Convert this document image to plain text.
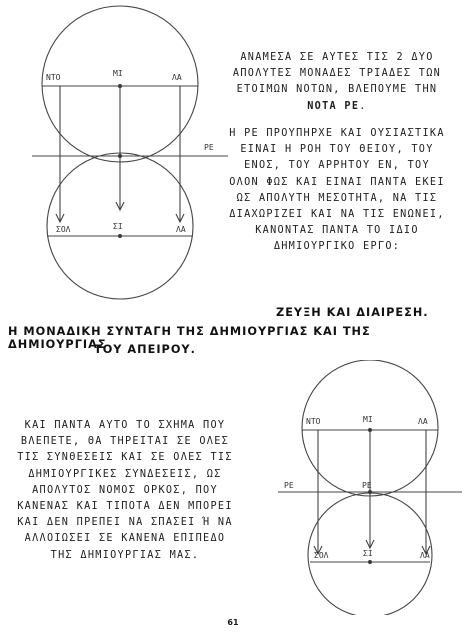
ΝΤΟ	ΜΙ	ΛΑ
ΡΕ
ΣΟΛ	ΣΙ	ΛΑ
ΑΝΑΜΕΣΑ ΣΕ ΑΥΤΕΣ ΤΙΣ 2 ΔΥΟ ΑΠΟΛΥΤΕΣ ΜΟΝΑΔΕΣ ΤΡΙΑΔΕΣ ΤΩΝ ΕΤΟΙΜΩΝ ΝΟΤΩΝ, ΒΛΕΠΟΥΜΕ ΤΗΝ ΝΟΤΑ ΡΕ.
Η ΡΕ ΠΡΟΥΠΗΡΧΕ ΚΑΙ ΟΥΣΙΑΣΤΙΚΑ ΕΙΝΑΙ Η ΡΟΗ ΤΟΥ ΘΕΙΟΥ, ΤΟΥ ΕΝΟΣ, ΤΟΥ ΑΡΡΗΤΟΥ ΕΝ, ΤΟΥ ΟΛΟΝ ΦΩΣ ΚΑΙ ΕΙΝΑΙ ΠΑΝΤΑ ΕΚΕΙ ΩΣ ΑΠΟΛΥΤΗ ΜΕΣΟΤΗΤΑ, ΝΑ ΤΙΣ ΔΙΑΧΩΡΙΖΕΙ ΚΑΙ ΝΑ ΤΙΣ ΕΝΩΝΕΙ, ΚΑΝΟΝΤΑΣ ΠΑΝΤΑ ΤΟ ΙΔΙΟ ΔΗΜΙΟΥΡΓΙΚΟ ΕΡΓΟ:
ΖΕΥΞΗ ΚΑΙ ΔΙΑΙΡΕΣΗ.
Η ΜΟΝΑΔΙΚΗ ΣΥΝΤΑΓΗ ΤΗΣ ΔΗΜΙΟΥΡΓΙΑΣ ΚΑΙ ΤΗΣ ΔΗΜΙΟΥΡΓΙΑΣ
ΤΟΥ ΑΠΕΙΡΟΥ.
ΝΤΟ	ΜΙ	ΛΑ
ΡΕ	ΡΕ
ΣΟΛ	ΣΙ	ΛΑ
ΚΑΙ ΠΑΝΤΑ ΑΥΤΟ ΤΟ ΣΧΗΜΑ ΠΟΥ ΒΛΕΠΕΤΕ, ΘΑ ΤΗΡΕΙΤΑΙ ΣΕ ΟΛΕΣ ΤΙΣ ΣΥΝΘΕΣΕΙΣ ΚΑΙ ΣΕ ΟΛΕΣ ΤΙΣ ΔΗΜΙΟΥΡΓΙΚΕΣ ΣΥΝΔΕΣΕΙΣ, ΩΣ ΑΠΟΛΥΤΟΣ ΝΟΜΟΣ ΟΡΚΟΣ, ΠΟΥ ΚΑΝΕΝΑΣ ΚΑΙ ΤΙΠΟΤΑ ΔΕΝ ΜΠΟΡΕΙ ΚΑΙ ΔΕΝ ΠΡΕΠΕΙ ΝΑ ΣΠΑΣΕΙ Ή ΝΑ ΑΛΛΟΙΩΣΕΙ ΣΕ ΚΑΝΕΝΑ ΕΠΙΠΕΔΟ ΤΗΣ ΔΗΜΙΟΥΡΓΙΑΣ ΜΑΣ.
61
